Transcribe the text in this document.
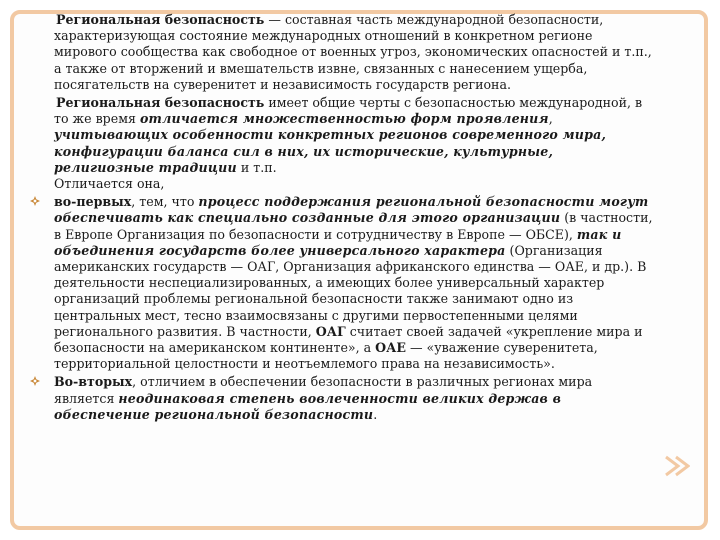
Региональная безопасность — составная часть международной безопасности, характеризующая состояние международных отношений в конкретном регионе мирового сообщества как свободное от военных угроз, экономических опасностей и т.п., а также от вторжений и вмешательств извне, связанных с нанесением ущерба, посягательств на суверенитет и независимость государств региона.

Региональная безопасность имеет общие черты с безопасностью международной, в то же время отличается множественностью форм проявления, учитывающих особенности конкретных регионов современного мира, конфигурации баланса сил в них, их исторические, культурные, религиозные традиции и т.п.
Отличается она,

во-первых, тем, что процесс поддержания региональной безопасности могут обеспечивать как специально созданные для этого организации (в частности, в Европе Организация по безопасности и сотрудничеству в Европе — ОБСЕ), так и объединения государств более универсального характера (Организация американских государств — ОАГ, Организация африканского единства — ОАЕ, и др.). В деятельности неспециализированных, а имеющих более универсальный характер организаций проблемы региональной безопасности также занимают одно из центральных мест, тесно взаимосвязаны с другими первостепенными целями регионального развития. В частности, ОАГ считает своей задачей «укрепление мира и безопасности на американском континенте», а ОАЕ — «уважение суверенитета, территориальной целостности и неотъемлемого права на независимость».

Во-вторых, отличием в обеспечении безопасности в различных регионах мира является неодинаковая степень вовлеченности великих держав в обеспечение региональной безопасности.
